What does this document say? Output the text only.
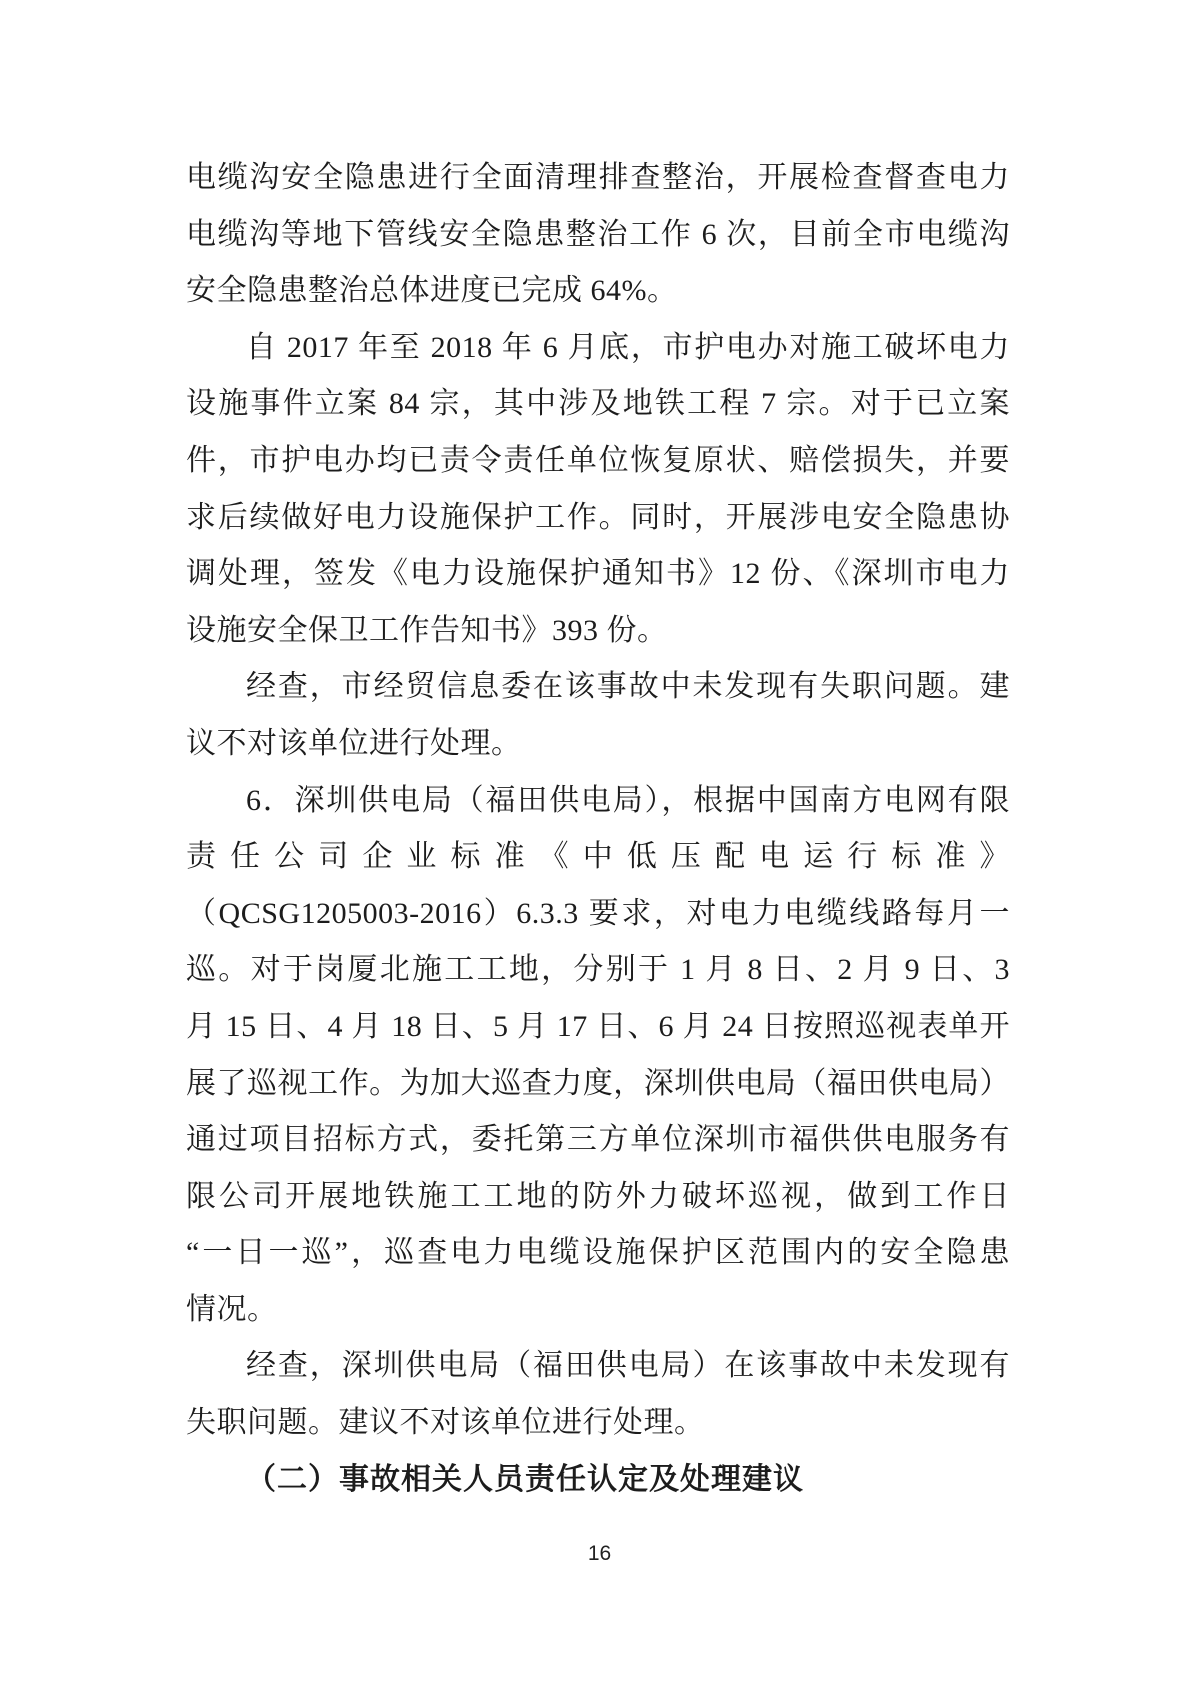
电缆沟安全隐患进行全面清理排查整治，开展检查督查电力
电缆沟等地下管线安全隐患整治工作 6 次，目前全市电缆沟
安全隐患整治总体进度已完成 64%。
自 2017 年至 2018 年 6 月底，市护电办对施工破坏电力
设施事件立案 84 宗，其中涉及地铁工程 7 宗。对于已立案
件，市护电办均已责令责任单位恢复原状、赔偿损失，并要
求后续做好电力设施保护工作。同时，开展涉电安全隐患协
调处理，签发《电力设施保护通知书》12 份、《深圳市电力
设施安全保卫工作告知书》393 份。
经查，市经贸信息委在该事故中未发现有失职问题。建
议不对该单位进行处理。
6．深圳供电局（福田供电局），根据中国南方电网有限
责任公司企业标准《中低压配电运行标准》
（QCSG1205003-2016）6.3.3 要求，对电力电缆线路每月一
巡。对于岗厦北施工工地，分别于 1 月 8 日、2 月 9 日、3
月 15 日、4 月 18 日、5 月 17 日、6 月 24 日按照巡视表单开
展了巡视工作。为加大巡查力度，深圳供电局（福田供电局）
通过项目招标方式，委托第三方单位深圳市福供供电服务有
限公司开展地铁施工工地的防外力破坏巡视，做到工作日
“一日一巡”，巡查电力电缆设施保护区范围内的安全隐患
情况。
经查，深圳供电局（福田供电局）在该事故中未发现有
失职问题。建议不对该单位进行处理。
（二）事故相关人员责任认定及处理建议
16
